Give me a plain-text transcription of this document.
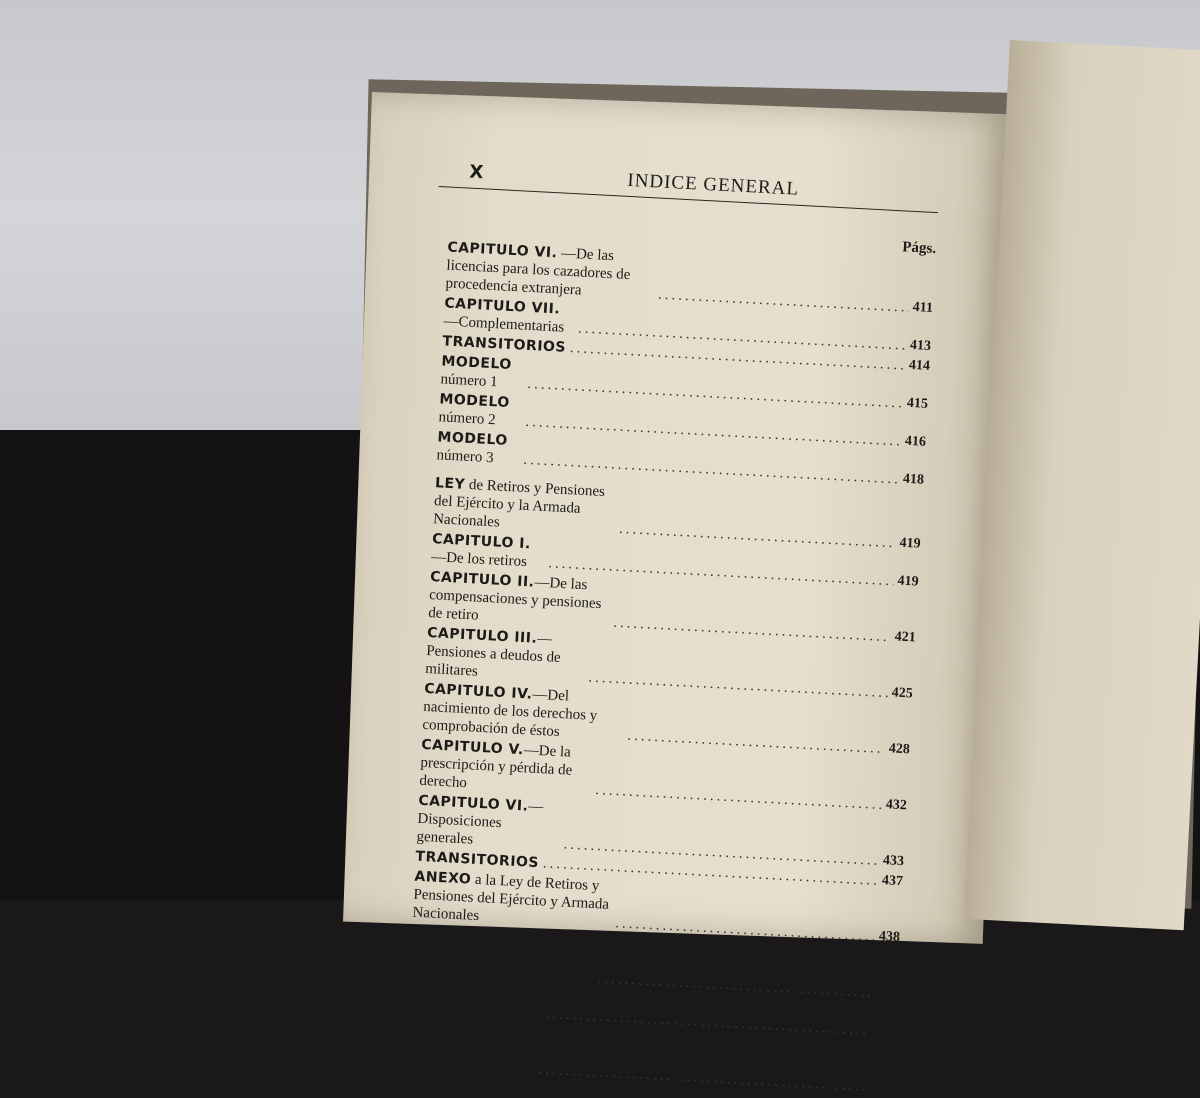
X	INDICE GENERAL
Págs.
CAPITULO VI. —De las licencias para los cazadores de procedencia extranjera
.....
411
CAPITULO VII.—Complementarias
.....
413
TRANSITORIOS
.....
414
MODELO número 1
.....
415
MODELO número 2
.....
416
MODELO número 3
.....
418
LEY de Retiros y Pensiones del Ejército y la Armada Nacionales
.....
419
CAPITULO I.—De los retiros
.....
419
CAPITULO II.—De las compensaciones y pensiones de retiro
.....
421
CAPITULO III.—Pensiones a deudos de militares
.....
425
CAPITULO IV.—Del nacimiento de los derechos y comprobación de éstos
.....
428
CAPITULO V.—De la prescripción y pérdida de derecho
.....
432
CAPITULO VI.—Disposiciones generales
.....
433
TRANSITORIOS
.....
437
ANEXO a la Ley de Retiros y Pensiones del Ejército y Armada Nacionales
.....
438
TABLA de las enfermedades que inutilizan para el servicio activo
.....
438
INSTRUCCIONES generales
.....
452
TABLA de graduaciones optométricas
.....
454
